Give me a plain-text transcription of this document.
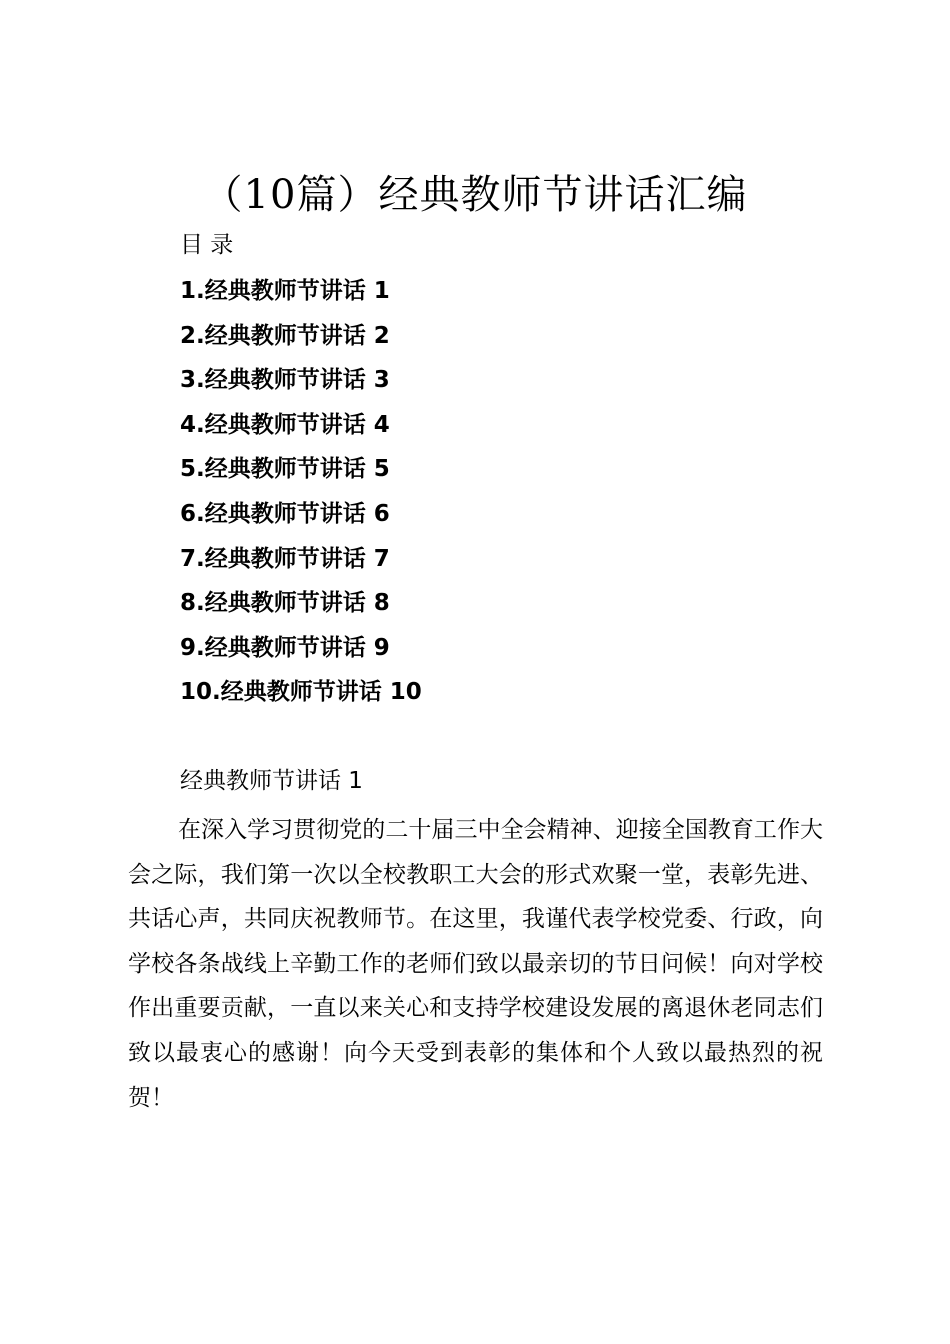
（10篇）经典教师节讲话汇编
目 录
1.经典教师节讲话 1
2.经典教师节讲话 2
3.经典教师节讲话 3
4.经典教师节讲话 4
5.经典教师节讲话 5
6.经典教师节讲话 6
7.经典教师节讲话 7
8.经典教师节讲话 8
9.经典教师节讲话 9
10.经典教师节讲话 10
经典教师节讲话 1

在深入学习贯彻党的二十届三中全会精神、迎接全国教育工作大会之际，我们第一次以全校教职工大会的形式欢聚一堂，表彰先进、共话心声，共同庆祝教师节。在这里，我谨代表学校党委、行政，向学校各条战线上辛勤工作的老师们致以最亲切的节日问候！向对学校作出重要贡献，一直以来关心和支持学校建设发展的离退休老同志们致以最衷心的感谢！向今天受到表彰的集体和个人致以最热烈的祝贺！
